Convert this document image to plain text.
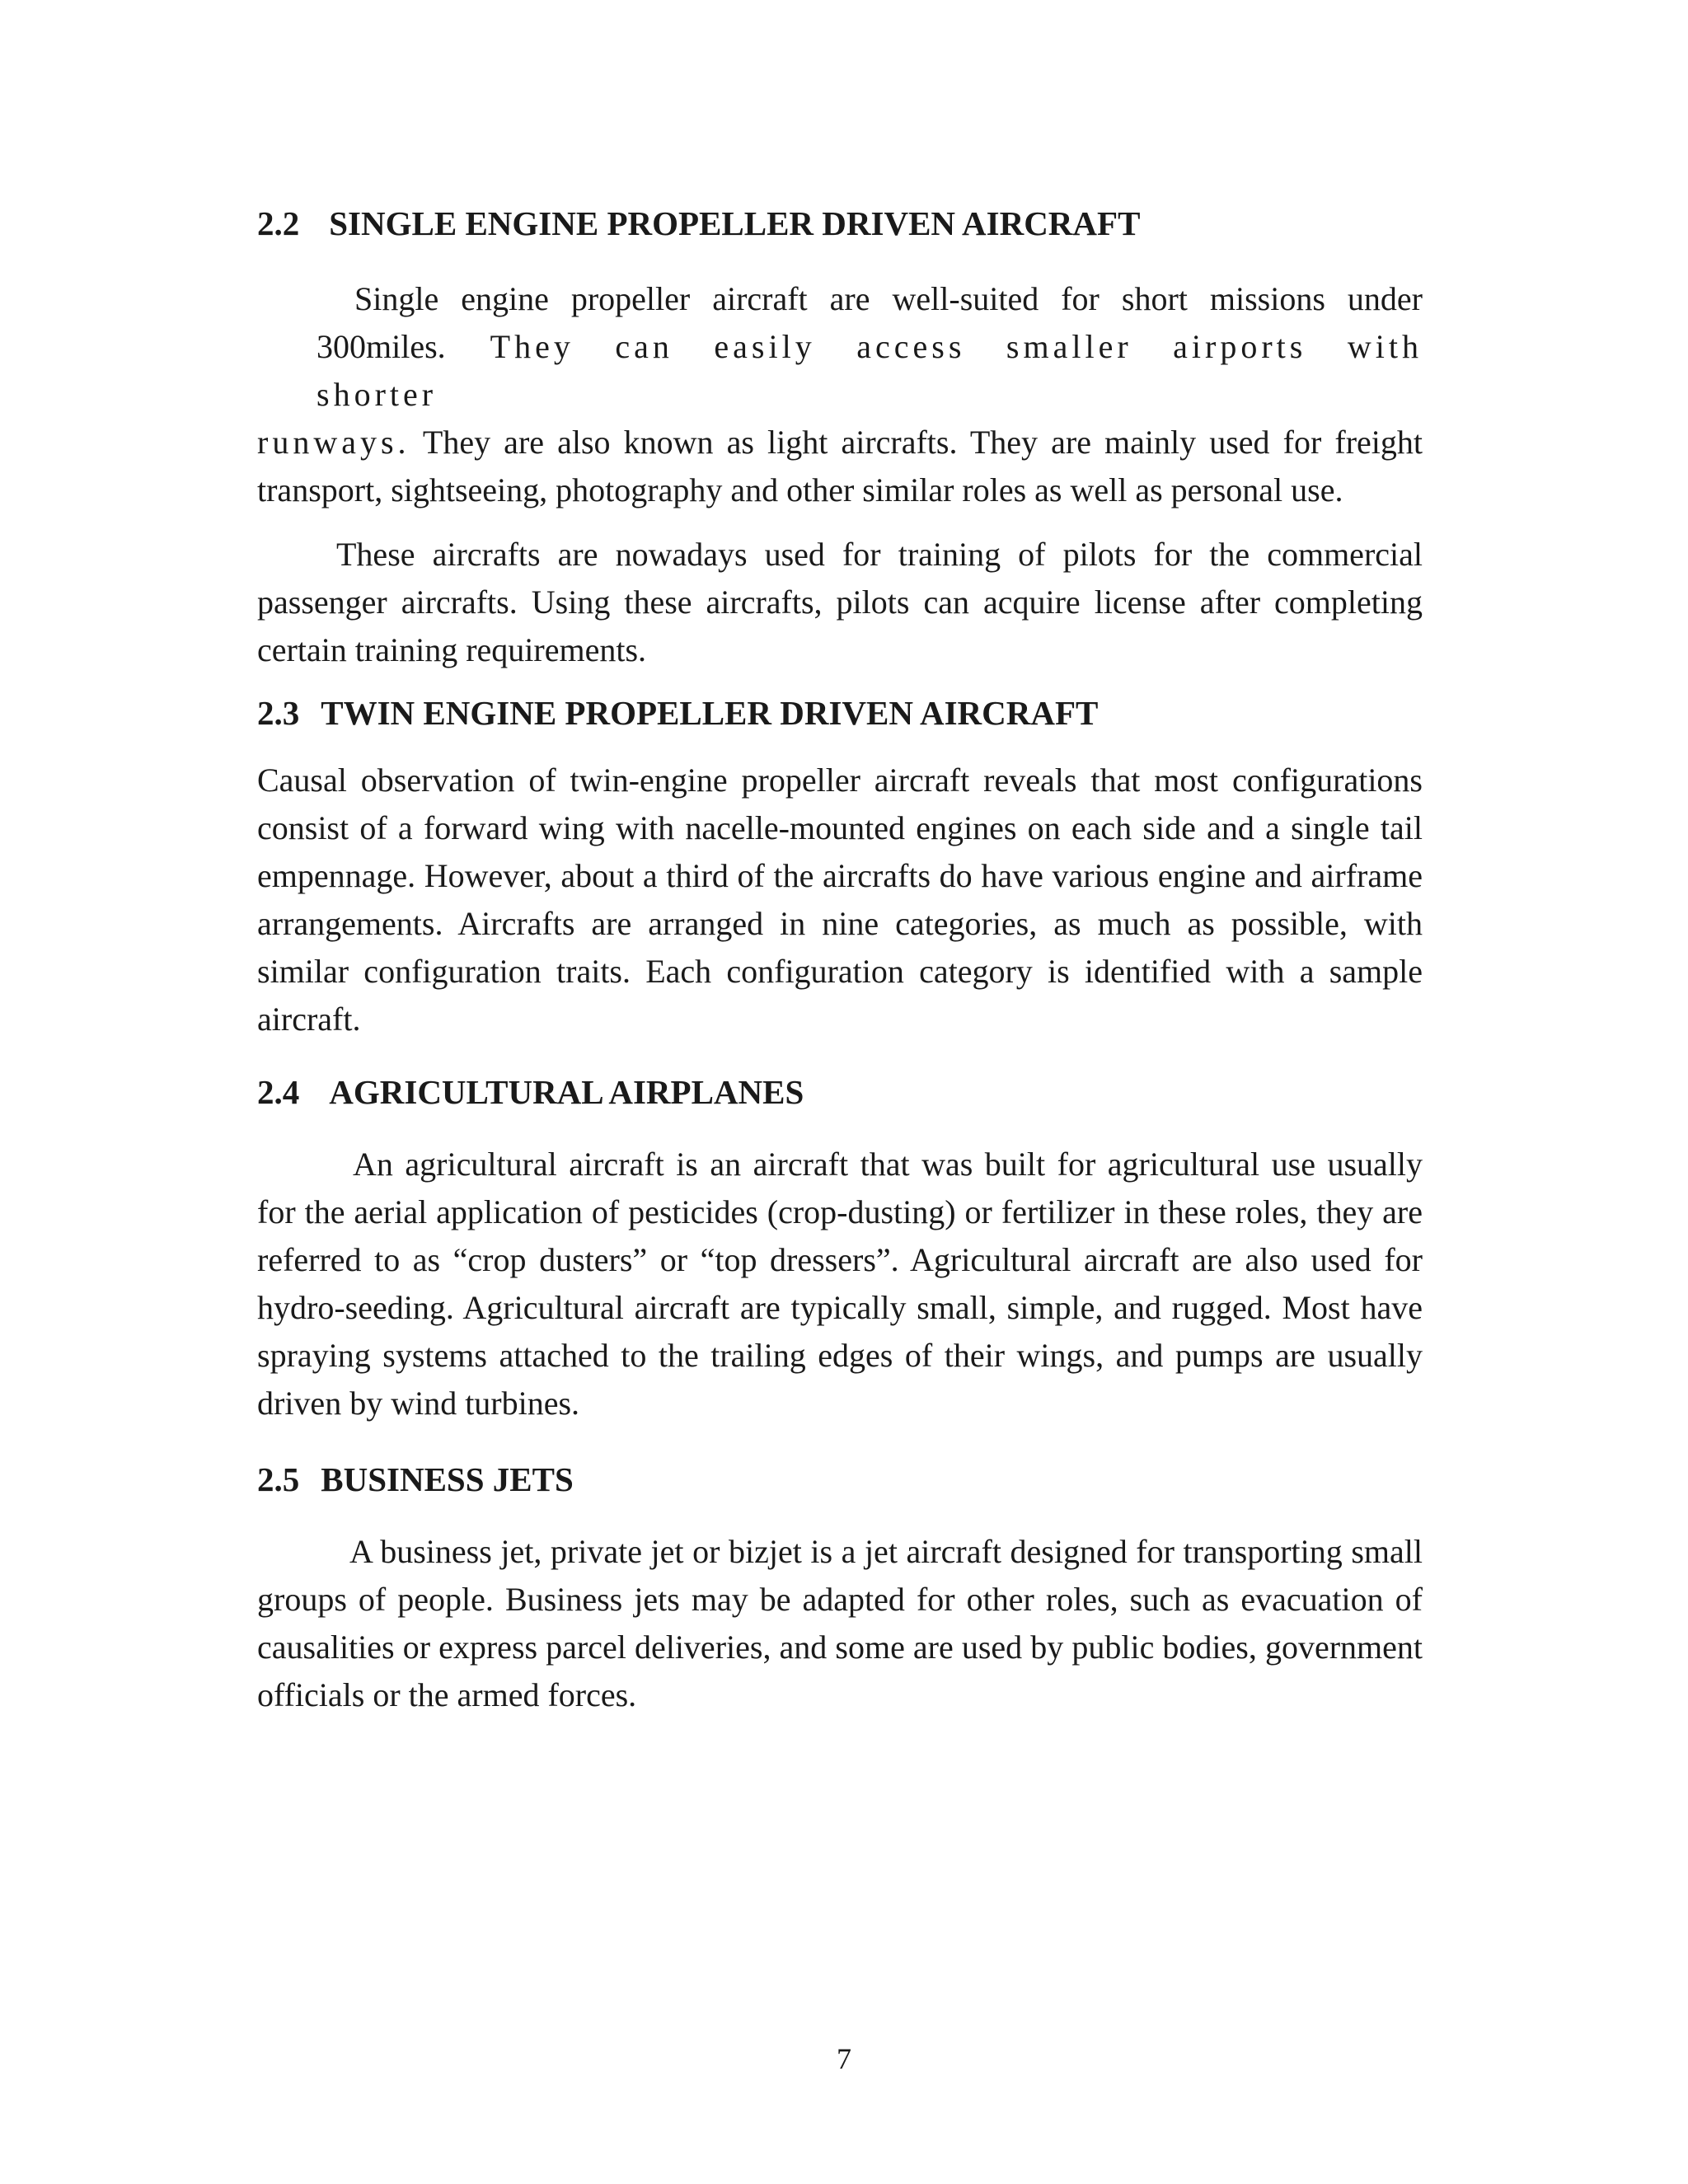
2.2 SINGLE ENGINE PROPELLER DRIVEN AIRCRAFT

Single engine propeller aircraft are well-suited for short missions under

300miles. They can easily access smaller airports with shorter

runways. They are also known as light aircrafts. They are mainly used for freight transport, sightseeing, photography and other similar roles as well as personal use.

These aircrafts are nowadays used for training of pilots for the commercial passenger aircrafts. Using these aircrafts, pilots can acquire license after completing certain training requirements.

2.3 TWIN ENGINE PROPELLER DRIVEN AIRCRAFT

Causal observation of twin-engine propeller aircraft reveals that most configurations consist of a forward wing with nacelle-mounted engines on each side and a single tail empennage. However, about a third of the aircrafts do have various engine and airframe arrangements. Aircrafts are arranged in nine categories, as much as possible, with similar configuration traits. Each configuration category is identified with a sample aircraft.

2.4 AGRICULTURAL AIRPLANES

An agricultural aircraft is an aircraft that was built for agricultural use usually for the aerial application of pesticides (crop-dusting) or fertilizer in these roles, they are referred to as “crop dusters” or “top dressers”. Agricultural aircraft are also used for hydro-seeding. Agricultural aircraft are typically small, simple, and rugged. Most have spraying systems attached to the trailing edges of their wings, and pumps are usually driven by wind turbines.

2.5 BUSINESS JETS

A business jet, private jet or bizjet is a jet aircraft designed for transporting small groups of people. Business jets may be adapted for other roles, such as evacuation of causalities or express parcel deliveries, and some are used by public bodies, government officials or the armed forces.

7
